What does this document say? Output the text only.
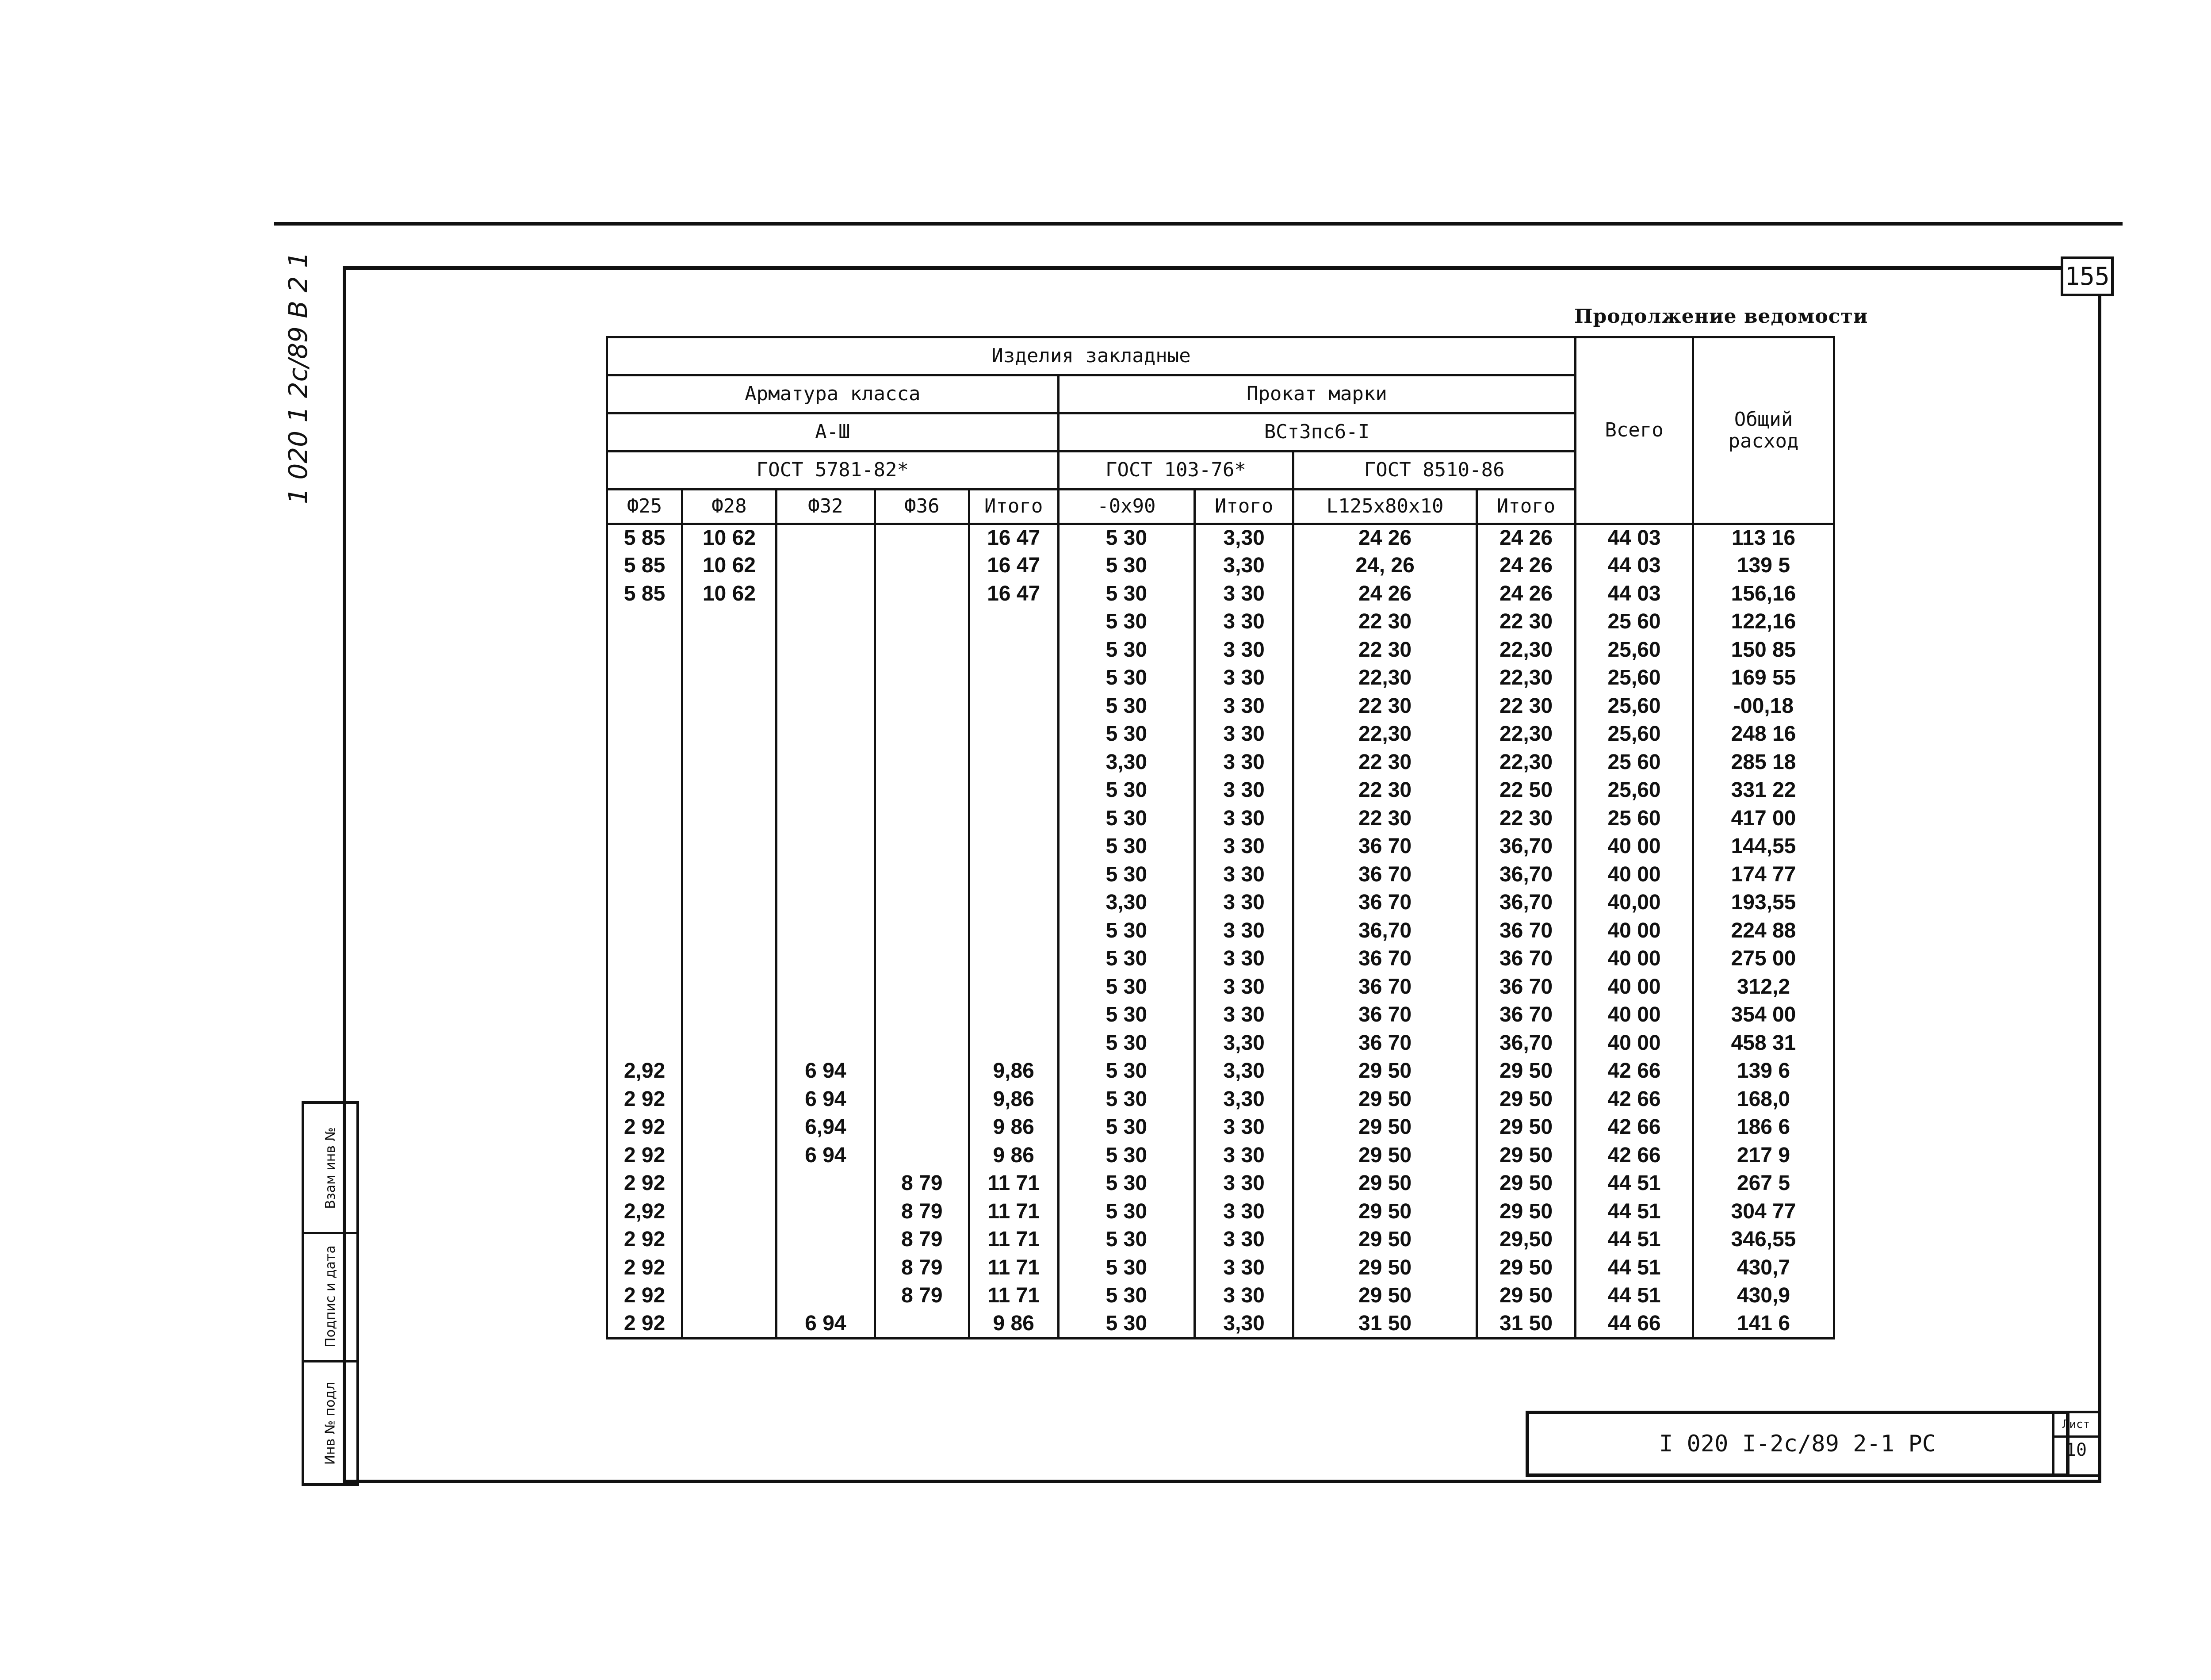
155
Продолжение ведомости
1 020 1 2с/89 В 2 1
Взам инв №
Подпис и дата
Инв № подл	I 020 I-2с/89 2-1 РС
Лист
10
Изделия закладные									Всего	Общий расход
Арматура класса					Прокат марки					
А-Ш					ВСт3пс6-I					
ГОСТ 5781-82*					ГОСТ 103-76*		ГОСТ 8510-86			
Ф25	Ф28	Ф32	Ф36	Итого	-0x90	Итого	L125x80x10	Итого		
5 85	10 62			16 47	5 30	3,30	24 26	24 26	44 03	113 16
5 85	10 62			16 47	5 30	3,30	24, 26	24 26	44 03	139 5
5 85	10 62			16 47	5 30	3 30	24 26	24 26	44 03	156,16
					5 30	3 30	22 30	22 30	25 60	122,16
					5 30	3 30	22 30	22,30	25,60	150 85
					5 30	3 30	22,30	22,30	25,60	169 55
					5 30	3 30	22 30	22 30	25,60	-00,18
					5 30	3 30	22,30	22,30	25,60	248 16
					3,30	3 30	22 30	22,30	25 60	285 18
					5 30	3 30	22 30	22 50	25,60	331 22
					5 30	3 30	22 30	22 30	25 60	417 00
					5 30	3 30	36 70	36,70	40 00	144,55
					5 30	3 30	36 70	36,70	40 00	174 77
					3,30	3 30	36 70	36,70	40,00	193,55
					5 30	3 30	36,70	36 70	40 00	224 88
					5 30	3 30	36 70	36 70	40 00	275 00
					5 30	3 30	36 70	36 70	40 00	312,2
					5 30	3 30	36 70	36 70	40 00	354 00
					5 30	3,30	36 70	36,70	40 00	458 31
2,92		6 94		9,86	5 30	3,30	29 50	29 50	42 66	139 6
2 92		6 94		9,86	5 30	3,30	29 50	29 50	42 66	168,0
2 92		6,94		9 86	5 30	3 30	29 50	29 50	42 66	186 6
2 92		6 94		9 86	5 30	3 30	29 50	29 50	42 66	217 9
2 92			8 79	11 71	5 30	3 30	29 50	29 50	44 51	267 5
2,92			8 79	11 71	5 30	3 30	29 50	29 50	44 51	304 77
2 92			8 79	11 71	5 30	3 30	29 50	29,50	44 51	346,55
2 92			8 79	11 71	5 30	3 30	29 50	29 50	44 51	430,7
2 92			8 79	11 71	5 30	3 30	29 50	29 50	44 51	430,9
2 92		6 94		9 86	5 30	3,30	31 50	31 50	44 66	141 6
